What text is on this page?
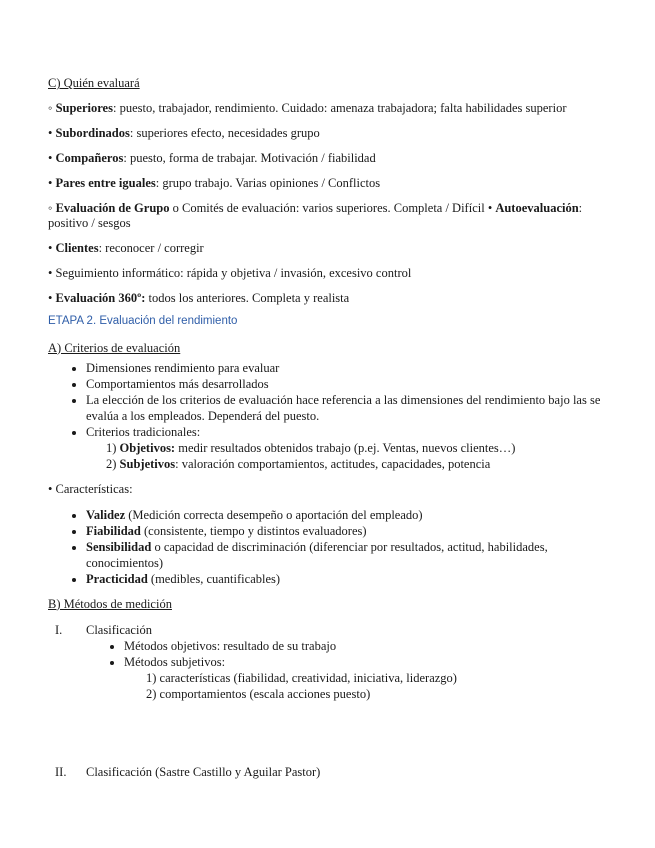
C) Quién evaluará

◦ Superiores: puesto, trabajador, rendimiento. Cuidado: amenaza trabajadora; falta habilidades superior

• Subordinados: superiores efecto, necesidades grupo

• Compañeros: puesto, forma de trabajar. Motivación / fiabilidad

• Pares entre iguales: grupo trabajo. Varias opiniones / Conflictos

◦ Evaluación de Grupo o Comités de evaluación: varios superiores. Completa / Difícil • Autoevaluación: positivo / sesgos

• Clientes: reconocer / corregir

• Seguimiento informático: rápida y objetiva / invasión, excesivo control

• Evaluación 360º: todos los anteriores. Completa y realista

ETAPA 2. Evaluación del rendimiento

A) Criterios de evaluación

• Dimensiones rendimiento para evaluar
• Comportamientos más desarrollados
• La elección de los criterios de evaluación hace referencia a las dimensiones del rendimiento bajo las se evalúa a los empleados. Dependerá del puesto.
• Criterios tradicionales:
1) Objetivos: medir resultados obtenidos trabajo (p.ej. Ventas, nuevos clientes…)
2) Subjetivos: valoración comportamientos, actitudes, capacidades, potencia

• Características:

• Validez (Medición correcta desempeño o aportación del empleado)
• Fiabilidad (consistente, tiempo y distintos evaluadores)
• Sensibilidad o capacidad de discriminación (diferenciar por resultados, actitud, habilidades, conocimientos)
• Practicidad (medibles, cuantificables)

B) Métodos de medición

I. Clasificación
• Métodos objetivos: resultado de su trabajo
• Métodos subjetivos:
1) características (fiabilidad, creatividad, iniciativa, liderazgo)
2) comportamientos (escala acciones puesto)
II. Clasificación (Sastre Castillo y Aguilar Pastor)
